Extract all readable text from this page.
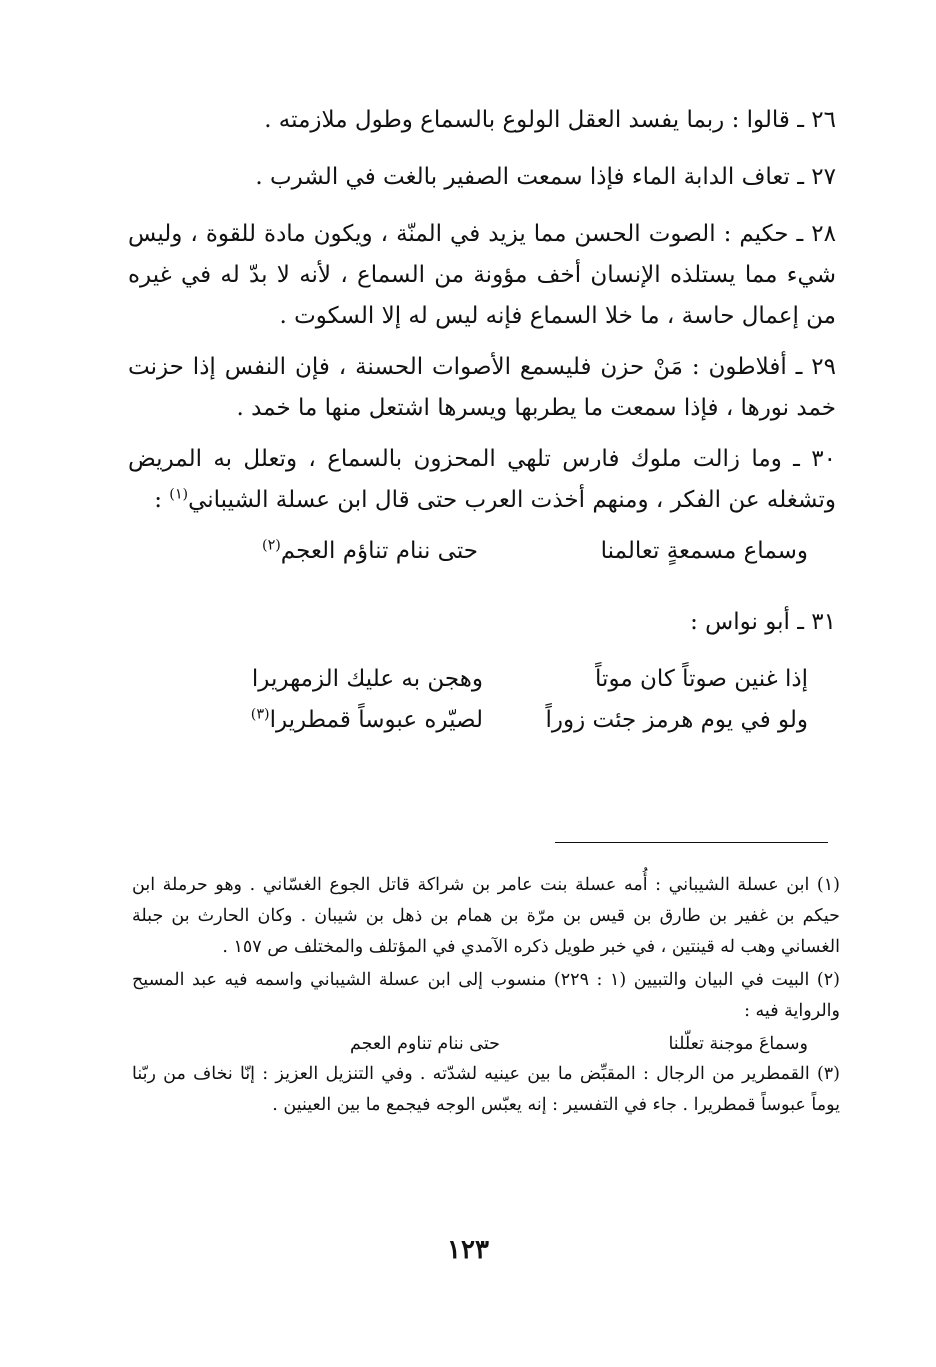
٢٦ ـ قالوا : ربما يفسد العقل الولوع بالسماع وطول ملازمته .

٢٧ ـ تعاف الدابة الماء فإذا سمعت الصفير بالغت في الشرب .

٢٨ ـ حكيم : الصوت الحسن مما يزيد في المنّة ، ويكون مادة للقوة ، وليس شيء مما يستلذه الإنسان أخف مؤونة من السماع ، لأنه لا بدّ له في غيره من إعمال حاسة ، ما خلا السماع فإنه ليس له إلا السكوت .

٢٩ ـ أفلاطون : مَنْ حزن فليسمع الأصوات الحسنة ، فإن النفس إذا حزنت خمد نورها ، فإذا سمعت ما يطربها ويسرها اشتعل منها ما خمد .

٣٠ ـ وما زالت ملوك فارس تلهي المحزون بالسماع ، وتعلل به المريض وتشغله عن الفكر ، ومنهم أخذت العرب حتى قال ابن عسلة الشيباني$^{(١)}$ :

وسماع مسمعةٍ تعالمنا
حتى ننام تناؤم العجم$^{(٢)}$

٣١ ـ أبو نواس :

إذا غنين صوتاً كان موتاً
وهجن به عليك الزمهريرا
ولو في يوم هرمز جئت زوراً
لصيّره عبوساً قمطريرا$^{(٣)}$

(١) ابن عسلة الشيباني : أُمه عسلة بنت عامر بن شراكة قاتل الجوع الغسّاني . وهو حرملة ابن حيكم بن غفير بن طارق بن قيس بن مرّة بن همام بن ذهل بن شيبان . وكان الحارث بن جبلة الغساني وهب له قينتين ، في خبر طويل ذكره الآمدي في المؤتلف والمختلف ص ١٥٧ .

(٢) البيت في البيان والتبيين (١ : ٢٢٩) منسوب إلى ابن عسلة الشيباني واسمه فيه عبد المسيح والرواية فيه :

وسماعَ موجنة تعلّلنا
حتى ننام تناوم العجم

(٣) القمطرير من الرجال : المقبِّض ما بين عينيه لشدّته . وفي التنزيل العزيز : إنّا نخاف من ربّنا يوماً عبوساً قمطريرا . جاء في التفسير : إنه يعبّس الوجه فيجمع ما بين العينين .

١٢٣
